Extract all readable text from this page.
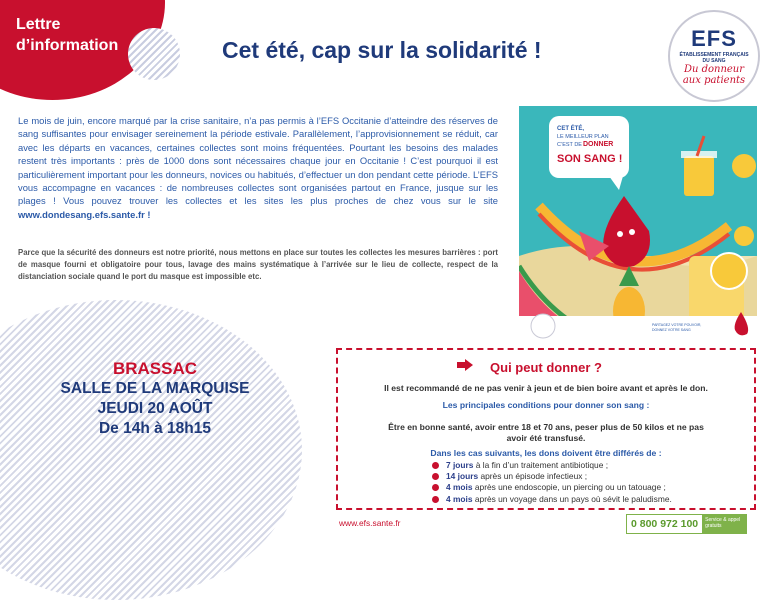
Lettre
d’information	Cet été, cap sur la solidarité !	EFS
ÉTABLISSEMENT FRANÇAIS DU SANG
Du donneur
aux patients
Le mois de juin, encore marqué par la crise sanitaire, n’a pas permis à l’EFS Occitanie d’atteindre des réserves de sang suffisantes pour envisager sereinement la période estivale. Parallèlement, l’approvisionnement se réduit, car avec les départs en vacances, certaines collectes sont moins fréquentées. Pourtant les besoins des malades restent très importants : près de 1000 dons sont nécessaires chaque jour en Occitanie ! C’est pourquoi il est particulièrement important pour les donneurs, novices ou habitués, d’effectuer un don pendant cette période. L’EFS vous accompagne en vacances : de nombreuses collectes sont organisées partout en France, jusque sur les plages ! Vous pouvez trouver les collectes et les sites les plus proches de chez vous sur le site www.dondesang.efs.sante.fr !
Parce que la sécurité des donneurs est notre priorité, nous mettons en place sur toutes les collectes les mesures barrières : port de masque fourni et obligatoire pour tous, lavage des mains systématique à l’arrivée sur le lieu de collecte, respect de la distanciation sociale quand le port du masque est impossible etc.
CET ÉTÉ,
LE MEILLEUR PLAN
C’EST DE DONNER
SON SANG !
PARTAGEZ VOTRE POUVOIR,
DONNEZ VOTRE SANG
BRASSAC
SALLE DE LA MARQUISE
JEUDI 20 AOÛT
De 14h à 18h15
Qui peut donner ?
Il est recommandé de ne pas venir à jeun et de bien boire avant et après le don.
Les principales conditions pour donner son sang :
Être en bonne santé, avoir entre 18 et 70 ans, peser plus de 50 kilos et ne pas avoir été transfusé.
Dans les cas suivants, les dons doivent être différés de :
7 jours à la fin d’un traitement antibiotique ;
14 jours après un épisode infectieux ;
4 mois après une endoscopie, un piercing ou un tatouage ;
4 mois après un voyage dans un pays où sévit le paludisme.
www.efs.sante.fr	0 800 972 100	Service & appel
gratuits
